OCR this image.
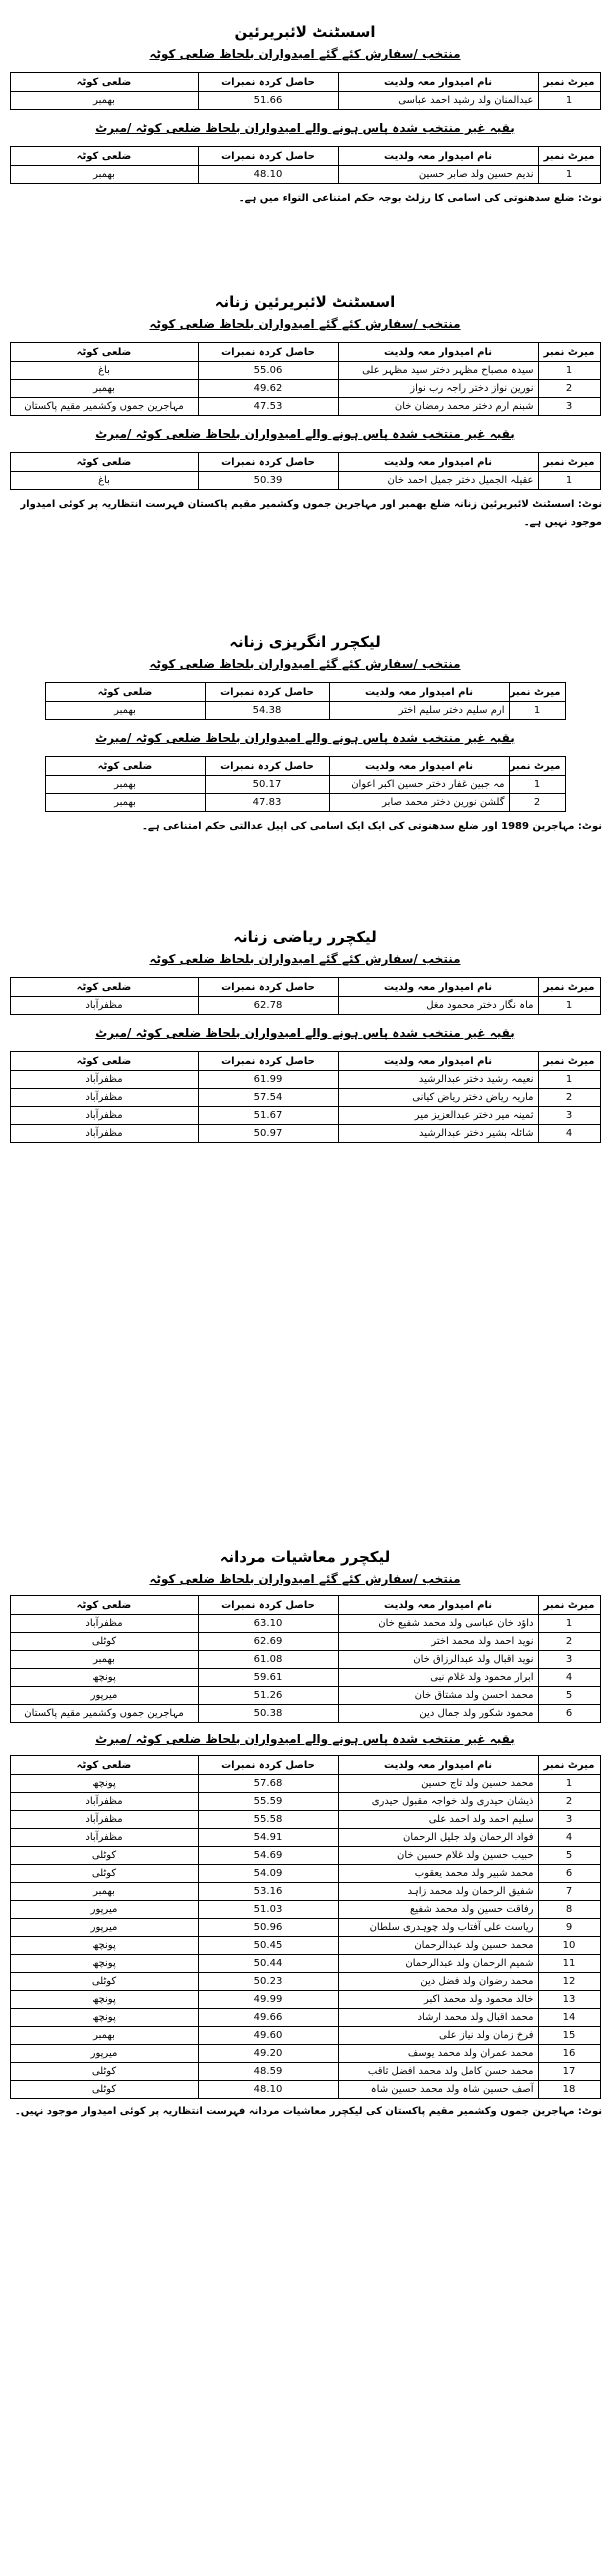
اسسٹنٹ لائبریرئین
منتخب /سفارش کئے گئے امیدواران بلحاظ ضلعی کوٹہ
میرٹ نمبر	نام امیدوار معہ ولدیت	حاصل کردہ نمبرات	ضلعی کوٹہ
1	عبدالمنان ولد رشید احمد عباسی	51.66	بھمبر
بقیہ غیر منتخب شدہ پاس ہونے والے امیدواران بلحاظ ضلعی کوٹہ /میرٹ
میرٹ نمبر	نام امیدوار معہ ولدیت	حاصل کردہ نمبرات	ضلعی کوٹہ
1	ندیم حسین ولد صابر حسین	48.10	بھمبر
نوٹ: ضلع سدھنوتی کی اسامی کا رزلٹ بوجہ حکم امتناعی التواء میں ہے۔
اسسٹنٹ لائبریرئین زنانہ
منتخب /سفارش کئے گئے امیدواران بلحاظ ضلعی کوٹہ
میرٹ نمبر	نام امیدوار معہ ولدیت	حاصل کردہ نمبرات	ضلعی کوٹہ
1	سیدہ مصباح مظہر دختر سید مظہر علی	55.06	باغ
2	نورین نواز دختر راجہ رب نواز	49.62	بھمبر
3	شبنم ارم دختر محمد رمضان خان	47.53	مہاجرین جموں وکشمیر مقیم پاکستان
بقیہ غیر منتخب شدہ پاس ہونے والے امیدواران بلحاظ ضلعی کوٹہ /میرٹ
میرٹ نمبر	نام امیدوار معہ ولدیت	حاصل کردہ نمبرات	ضلعی کوٹہ
1	عقیلہ الجمیل دختر جمیل احمد خان	50.39	باغ
نوٹ: اسسٹنٹ لائبریرئین زنانہ ضلع بھمبر اور مہاجرین جموں وکشمیر مقیم پاکستان فہرست انتظاریہ پر کوئی امیدوار موجود نہیں ہے۔
لیکچرر انگریزی زنانہ
منتخب /سفارش کئے گئے امیدواران بلحاظ ضلعی کوٹہ
میرٹ نمبر	نام امیدوار معہ ولدیت	حاصل کردہ نمبرات	ضلعی کوٹہ
1	ارم سلیم دختر سلیم اختر	54.38	بھمبر
بقیہ غیر منتخب شدہ پاس ہونے والے امیدواران بلحاظ ضلعی کوٹہ /میرٹ
میرٹ نمبر	نام امیدوار معہ ولدیت	حاصل کردہ نمبرات	ضلعی کوٹہ
1	مہ جبین غفار دختر حسین اکبر اعوان	50.17	بھمبر
2	گلشن نورین دختر محمد صابر	47.83	بھمبر
نوٹ: مہاجرین 1989 اور ضلع سدھنوتی کی ایک ایک اسامی کی اپیل عدالتی حکم امتناعی ہے۔
لیکچرر ریاضی زنانہ
منتخب /سفارش کئے گئے امیدواران بلحاظ ضلعی کوٹہ
میرٹ نمبر	نام امیدوار معہ ولدیت	حاصل کردہ نمبرات	ضلعی کوٹہ
1	ماہ نگار دختر محمود مغل	62.78	مظفرآباد
بقیہ غیر منتخب شدہ پاس ہونے والے امیدواران بلحاظ ضلعی کوٹہ /میرٹ
میرٹ نمبر	نام امیدوار معہ ولدیت	حاصل کردہ نمبرات	ضلعی کوٹہ
1	نعیمہ رشید دختر عبدالرشید	61.99	مظفرآباد
2	ماریہ ریاض دختر ریاض کیانی	57.54	مظفرآباد
3	ثمینہ میر دختر عبدالعزیز میر	51.67	مظفرآباد
4	شائلہ بشیر دختر عبدالرشید	50.97	مظفرآباد
لیکچرر معاشیات مردانہ
منتخب /سفارش کئے گئے امیدواران بلحاظ ضلعی کوٹہ
میرٹ نمبر	نام امیدوار معہ ولدیت	حاصل کردہ نمبرات	ضلعی کوٹہ
1	داؤد خان عباسی ولد محمد شفیع خان	63.10	مظفرآباد
2	نوید احمد ولد محمد اختر	62.69	کوٹلی
3	نوید اقبال ولد عبدالرزاق خان	61.08	بھمبر
4	ابرار محمود ولد غلام نبی	59.61	پونچھ
5	محمد احسن ولد مشتاق خان	51.26	میرپور
6	محمود شکور ولد جمال دین	50.38	مہاجرین جموں وکشمیر مقیم پاکستان
بقیہ غیر منتخب شدہ پاس ہونے والے امیدواران بلحاظ ضلعی کوٹہ /میرٹ
میرٹ نمبر	نام امیدوار معہ ولدیت	حاصل کردہ نمبرات	ضلعی کوٹہ
1	محمد حسین ولد تاج حسین	57.68	پونچھ
2	ذیشان حیدری ولد خواجہ مقبول حیدری	55.59	مظفرآباد
3	سلیم احمد ولد احمد علی	55.58	مظفرآباد
4	فواد الرحمان ولد جلیل الرحمان	54.91	مظفرآباد
5	حبیب حسین ولد غلام حسین خان	54.69	کوٹلی
6	محمد شبیر ولد محمد یعقوب	54.09	کوٹلی
7	شفیق الرحمان ولد محمد زاہد	53.16	بھمبر
8	رفاقت حسین ولد محمد شفیع	51.03	میرپور
9	ریاست علی آفتاب ولد چوہدری سلطان	50.96	میرپور
10	محمد حسین ولد عبدالرحمان	50.45	پونچھ
11	شمیم الرحمان ولد عبدالرحمان	50.44	پونچھ
12	محمد رضوان ولد فضل دین	50.23	کوٹلی
13	خالد محمود ولد محمد اکبر	49.99	پونچھ
14	محمد اقبال ولد محمد ارشاد	49.66	پونچھ
15	فرخ زمان ولد نیاز علی	49.60	بھمبر
16	محمد عمران ولد محمد یوسف	49.20	میرپور
17	محمد حسن کامل ولد محمد افضل ثاقب	48.59	کوٹلی
18	آصف حسین شاہ ولد محمد حسین شاہ	48.10	کوٹلی
نوٹ: مہاجرین جموں وکشمیر مقیم پاکستان کی لیکچرر معاشیات مردانہ فہرست انتظاریہ پر کوئی امیدوار موجود نہیں۔
